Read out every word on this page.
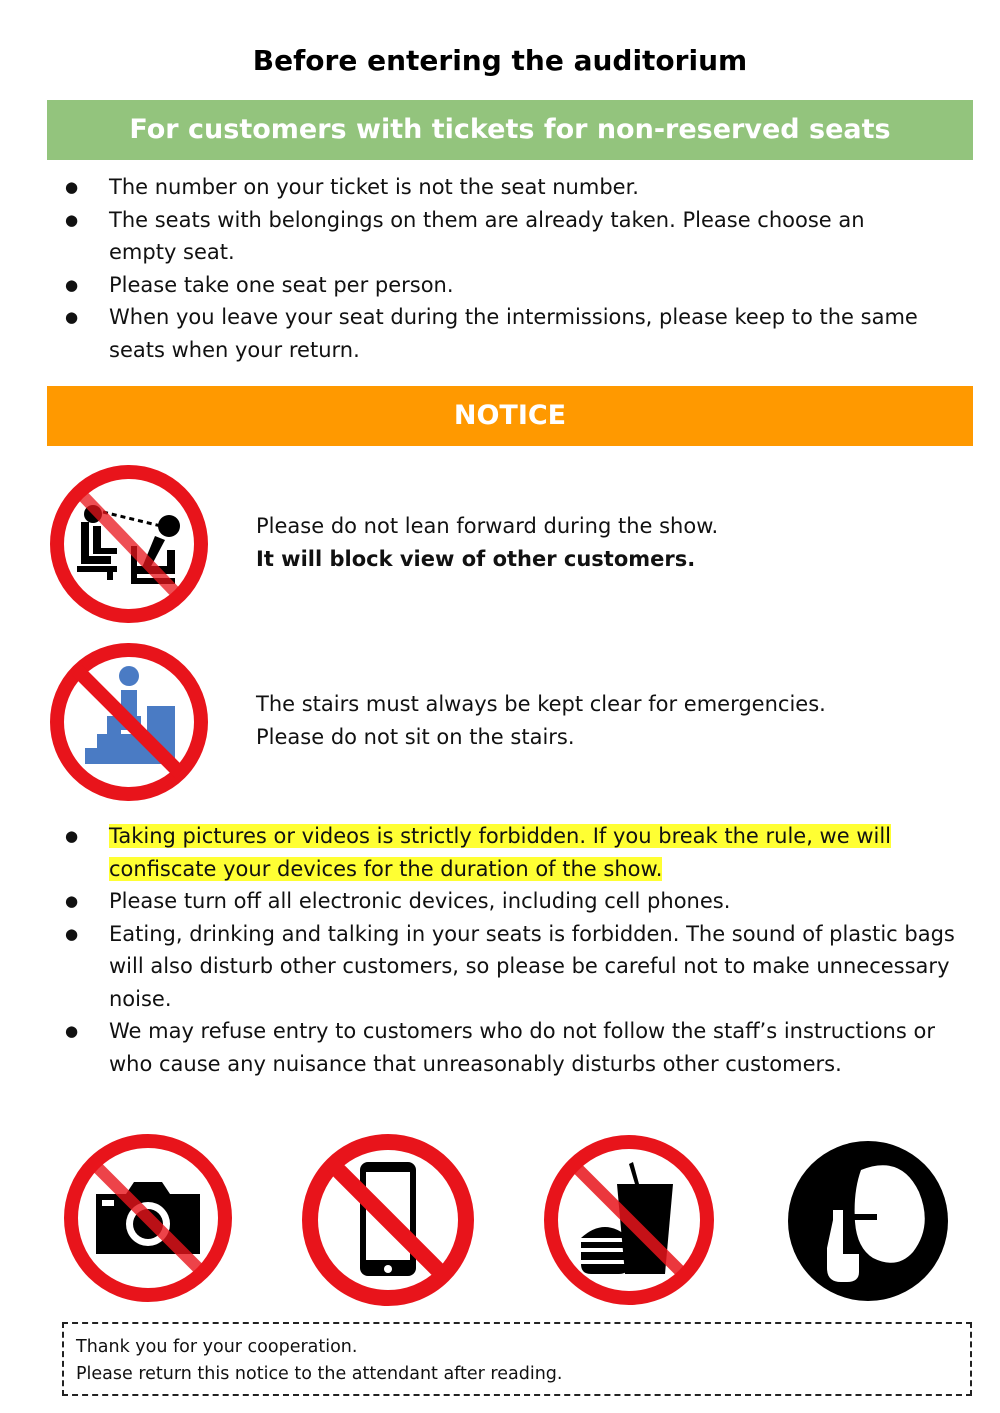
Before entering the auditorium
For customers with tickets for non-reserved seats
● The number on your ticket is not the seat number.
● The seats with belongings on them are already taken. Please choose an empty seat.
● Please take one seat per person.
● When you leave your seat during the intermissions, please keep to the same seats when your return.
NOTICE
Please do not lean forward during the show.
It will block view of other customers.
The stairs must always be kept clear for emergencies.
Please do not sit on the stairs.
● Taking pictures or videos is strictly forbidden. If you break the rule, we will confiscate your devices for the duration of the show.
● Please turn off all electronic devices, including cell phones.
● Eating, drinking and talking in your seats is forbidden. The sound of plastic bags will also disturb other customers, so please be careful not to make unnecessary noise.
● We may refuse entry to customers who do not follow the staff’s instructions or who cause any nuisance that unreasonably disturbs other customers.
Thank you for your cooperation.
Please return this notice to the attendant after reading.
